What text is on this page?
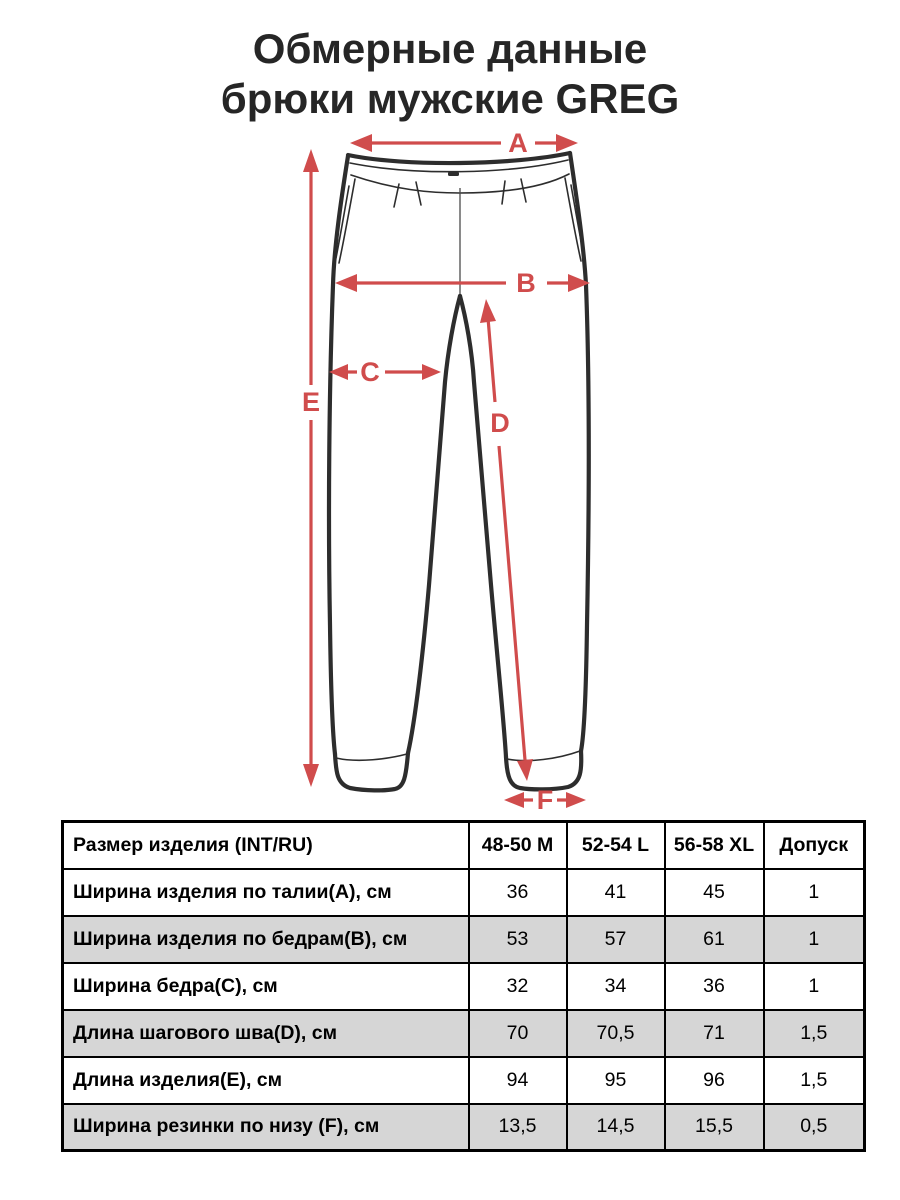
Обмерные данные
брюки мужские GREG
A
B
C
D
E
F
Размер изделия (INT/RU)	48-50 M	52-54 L	56-58 XL	Допуск
Ширина изделия по талии(A), см	36	41	45	1
Ширина изделия по бедрам(B), см	53	57	61	1
Ширина бедра(C), см	32	34	36	1
Длина шагового шва(D), см	70	70,5	71	1,5
Длина изделия(E), см	94	95	96	1,5
Ширина резинки по низу (F), см	13,5	14,5	15,5	0,5
